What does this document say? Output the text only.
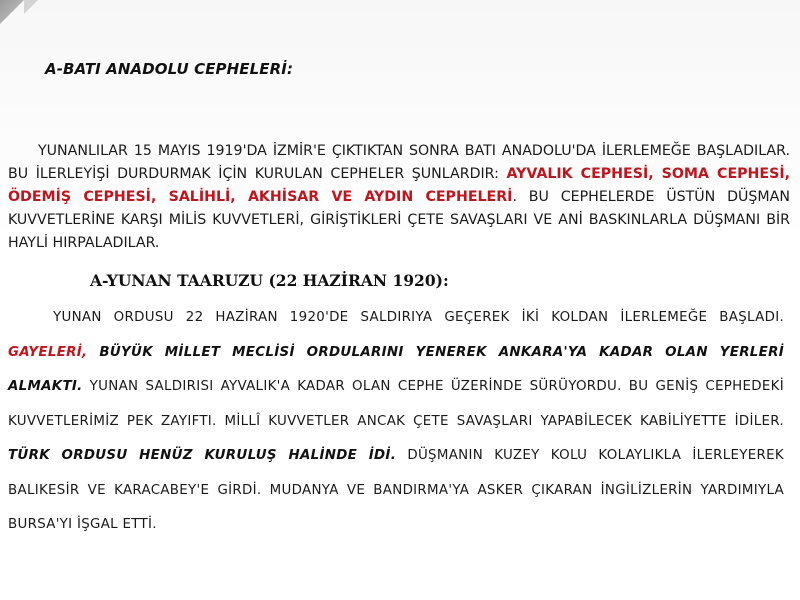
A-BATI ANADOLU CEPHELERİ:
YUNANLILAR 15 MAYIS 1919'DA İZMİR'E ÇIKTIKTAN SONRA BATI ANADOLU'DA İLERLEMEĞE BAŞLADILAR. BU İLERLEYİŞİ DURDURMAK İÇİN KURULAN CEPHELER ŞUNLARDIR: AYVALIK CEPHESİ, SOMA CEPHESİ, ÖDEMİŞ CEPHESİ, SALİHLİ, AKHİSAR VE AYDIN CEPHELERİ. BU CEPHELERDE ÜSTÜN DÜŞMAN KUVVETLERİNE KARŞI MİLİS KUVVETLERİ, GİRİŞTİKLERİ ÇETE SAVAŞLARI VE ANİ BASKINLARLA DÜŞMANI BİR HAYLİ HIRPALADILAR.
A-YUNAN TAARUZU (22 HAZİRAN 1920):
YUNAN ORDUSU 22 HAZİRAN 1920'DE SALDIRIYA GEÇEREK İKİ KOLDAN İLERLEMEĞE BAŞLADI. GAYELERİ, BÜYÜK MİLLET MECLİSİ ORDULARINI YENEREK ANKARA'YA KADAR OLAN YERLERİ ALMAKTI. YUNAN SALDIRISI AYVALIK'A KADAR OLAN CEPHE ÜZERİNDE SÜRÜYORDU. BU GENİŞ CEPHEDEKİ KUVVETLERİMİZ PEK ZAYIFTI. MİLLÎ KUVVETLER ANCAK ÇETE SAVAŞLARI YAPABİLECEK KABİLİYETTE İDİLER. TÜRK ORDUSU HENÜZ KURULUŞ HALİNDE İDİ. DÜŞMANIN KUZEY KOLU KOLAYLIKLA İLERLEYEREK BALIKESİR VE KARACABEY'E GİRDİ. MUDANYA VE BANDIRMA'YA ASKER ÇIKARAN İNGİLİZLERİN YARDIMIYLA BURSA'YI İŞGAL ETTİ.
